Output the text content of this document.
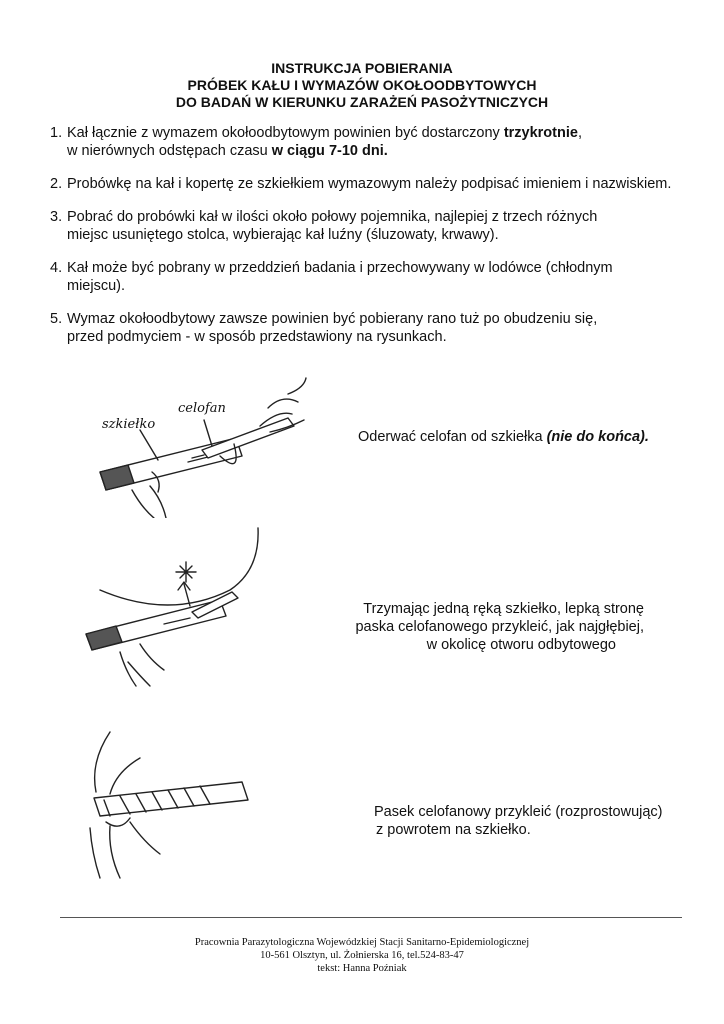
INSTRUKCJA POBIERANIA
PRÓBEK KAŁU I WYMAZÓW OKOŁOODBYTOWYCH
DO BADAŃ W KIERUNKU ZARAŻEŃ PASOŻYTNICZYCH
1. Kał łącznie z wymazem okołoodbytowym powinien być dostarczony trzykrotnie,
w nierównych odstępach czasu w ciągu 7-10 dni.
2. Probówkę na kał i kopertę ze szkiełkiem wymazowym należy podpisać imieniem i nazwiskiem.
3. Pobrać do probówki kał w ilości około połowy pojemnika, najlepiej z trzech różnych
miejsc usuniętego stolca, wybierając kał luźny (śluzowaty, krwawy).
4. Kał może być pobrany w przeddzień badania i przechowywany w lodówce (chłodnym
miejscu).
5. Wymaz okołoodbytowy zawsze powinien być pobierany rano tuż po obudzeniu się,
przed podmyciem - w sposób przedstawiony na rysunkach.
szkiełko
celofan
Oderwać celofan od szkiełka (nie do końca).
Trzymając jedną ręką szkiełko, lepką stronę
paska celofanowego przykleić, jak najgłębiej,
w okolicę otworu odbytowego
Pasek celofanowy przykleić (rozprostowując)
z powrotem na szkiełko.
Pracownia Parazytologiczna Wojewódzkiej Stacji Sanitarno-Epidemiologicznej
10-561 Olsztyn, ul. Żołnierska 16, tel.524-83-47
tekst: Hanna Poźniak
